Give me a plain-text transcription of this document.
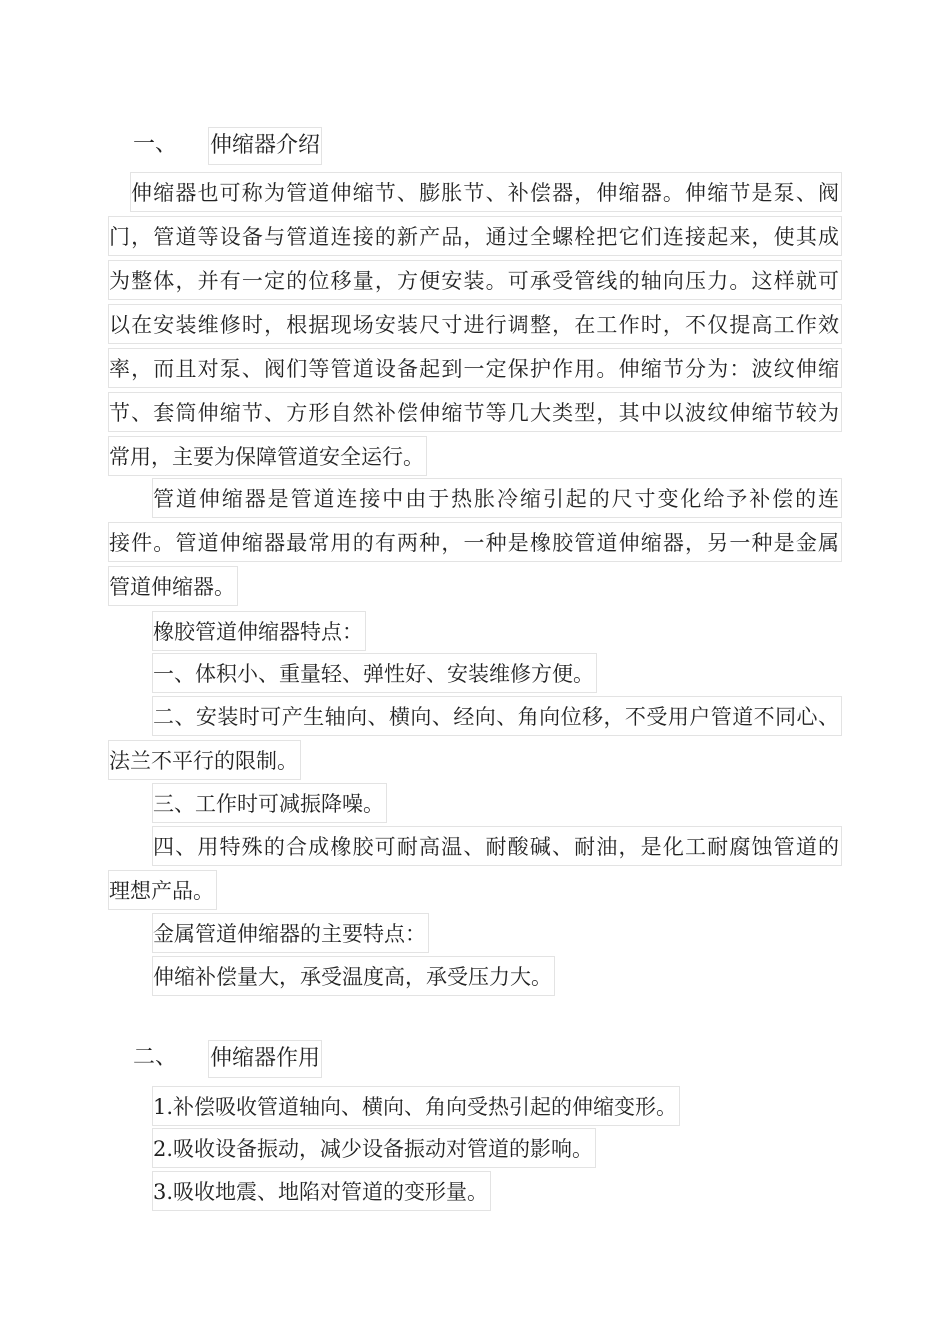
一、 伸缩器介绍
伸缩器也可称为管道伸缩节、膨胀节、补偿器，伸缩器。伸缩节是泵、阀
门，管道等设备与管道连接的新产品，通过全螺栓把它们连接起来，使其成
为整体，并有一定的位移量，方便安装。可承受管线的轴向压力。这样就可
以在安装维修时，根据现场安装尺寸进行调整，在工作时，不仅提高工作效
率，而且对泵、阀们等管道设备起到一定保护作用。伸缩节分为：波纹伸缩
节、套筒伸缩节、方形自然补偿伸缩节等几大类型，其中以波纹伸缩节较为
常用，主要为保障管道安全运行。
管道伸缩器是管道连接中由于热胀冷缩引起的尺寸变化给予补偿的连
接件。管道伸缩器最常用的有两种，一种是橡胶管道伸缩器，另一种是金属
管道伸缩器。
橡胶管道伸缩器特点：
一、体积小、重量轻、弹性好、安装维修方便。
二、安装时可产生轴向、横向、经向、角向位移，不受用户管道不同心、
法兰不平行的限制。
三、工作时可减振降噪。
四、用特殊的合成橡胶可耐高温、耐酸碱、耐油，是化工耐腐蚀管道的
理想产品。
金属管道伸缩器的主要特点：
伸缩补偿量大，承受温度高，承受压力大。
二、 伸缩器作用
1.补偿吸收管道轴向、横向、角向受热引起的伸缩变形。
2.吸收设备振动，减少设备振动对管道的影响。
3.吸收地震、地陷对管道的变形量。
